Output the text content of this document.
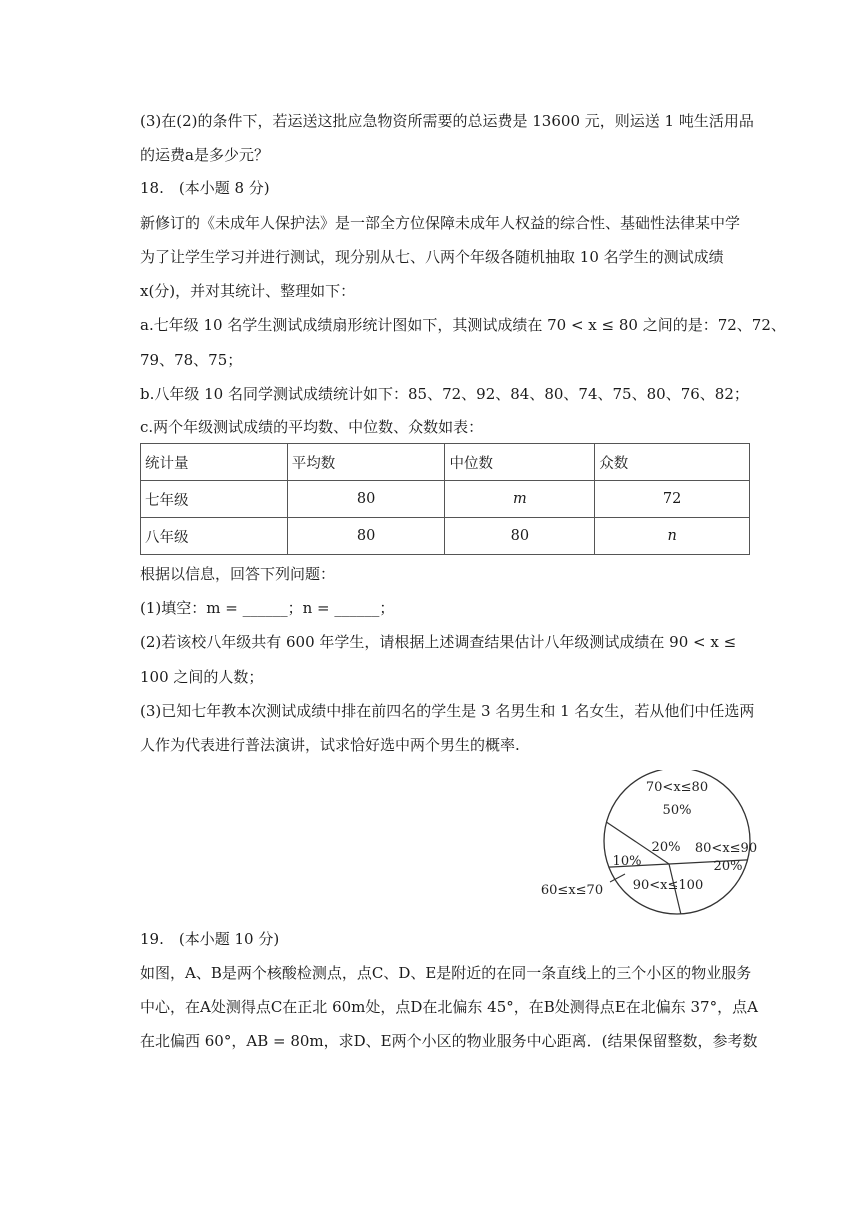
(3)在(2)的条件下，若运送这批应急物资所需要的总运费是 13600 元，则运送 1 吨生活用品
的运费a是多少元？
18.　(本小题 8 分)
新修订的《未成年人保护法》是一部全方位保障未成年人权益的综合性、基础性法律某中学
为了让学生学习并进行测试，现分别从七、八两个年级各随机抽取 10 名学生的测试成绩
x(分)，并对其统计、整理如下：
a.七年级 10 名学生测试成绩扇形统计图如下，其测试成绩在 70 < x ≤ 80 之间的是：72、72、
79、78、75；
b.八年级 10 名同学测试成绩统计如下：85、72、92、84、80、74、75、80、76、82；
c.两个年级测试成绩的平均数、中位数、众数如表：
统计量	平均数	中位数	众数
七年级	80	m	72
八年级	80	80	n
根据以信息，回答下列问题：
(1)填空：m = ______；n = ______；
(2)若该校八年级共有 600 年学生，请根据上述调查结果估计八年级测试成绩在 90 < x ≤
100 之间的人数；
(3)已知七年教本次测试成绩中排在前四名的学生是 3 名男生和 1 名女生，若从他们中任选两
人作为代表进行普法演讲，试求恰好选中两个男生的概率.
70<x≤80
50%
80<x≤90
20%
20%
90<x≤100
10%
60≤x≤70
19.　(本小题 10 分)
如图，A、B是两个核酸检测点，点C、D、E是附近的在同一条直线上的三个小区的物业服务
中心，在A处测得点C在正北 60m处，点D在北偏东 45°，在B处测得点E在北偏东 37°，点A
在北偏西 60°，AB = 80m，求D、E两个小区的物业服务中心距离．(结果保留整数，参考数
